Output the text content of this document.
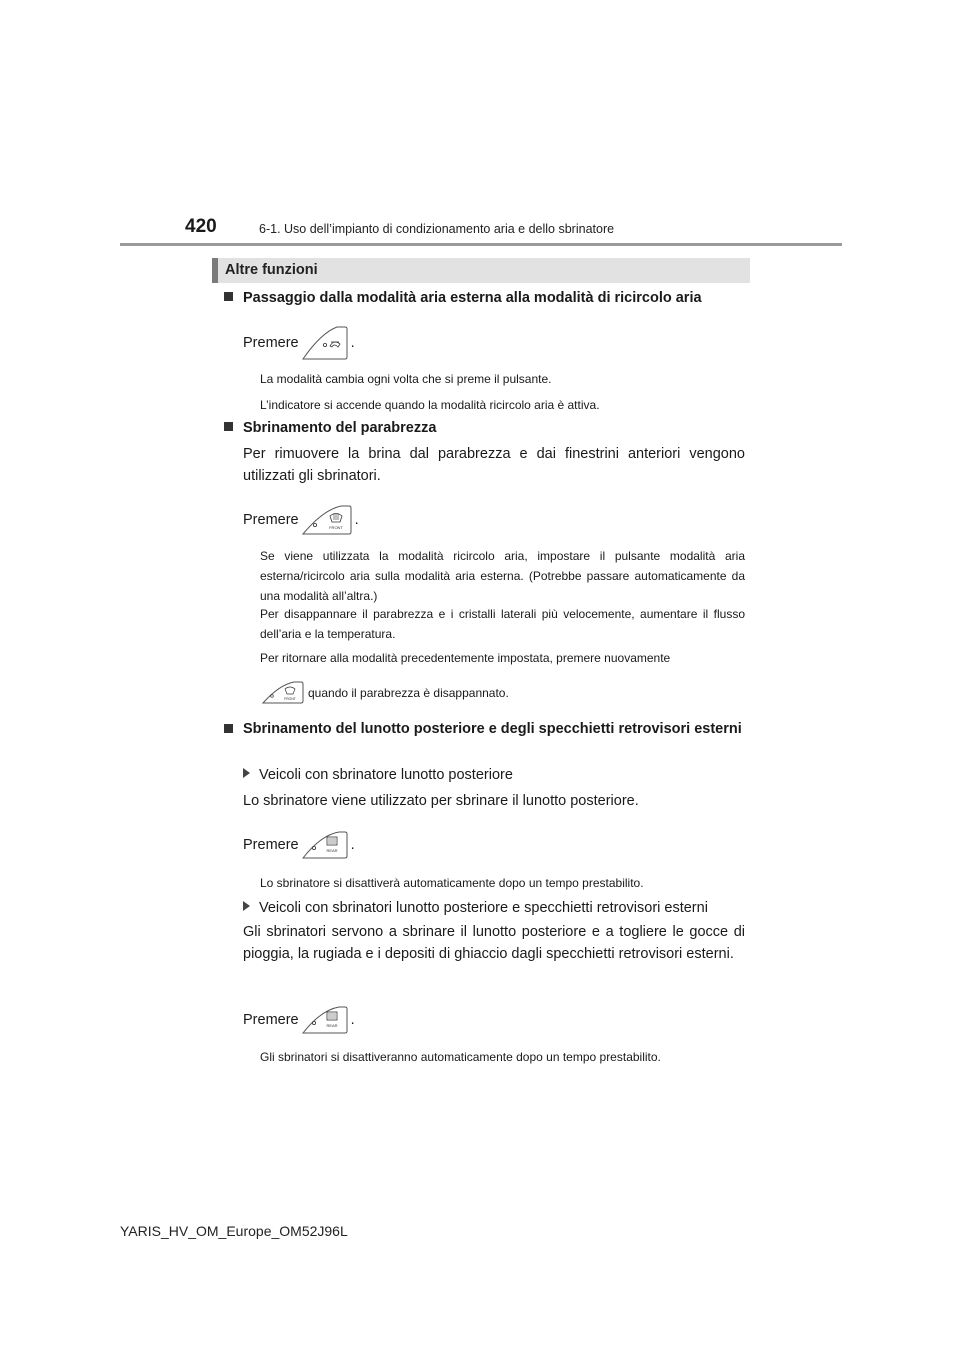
420	6-1. Uso dell’impianto di condizionamento aria e dello sbrinatore
Altre funzioni
Passaggio dalla modalità aria esterna alla modalità di ricircolo aria
Premere	.
La modalità cambia ogni volta che si preme il pulsante.
L’indicatore si accende quando la modalità ricircolo aria è attiva.
Sbrinamento del parabrezza
Per rimuovere la brina dal parabrezza e dai finestrini anteriori vengono utilizzati gli sbrinatori.
Premere	FRONT .
Se viene utilizzata la modalità ricircolo aria, impostare il pulsante modalità aria esterna/ricircolo aria sulla modalità aria esterna. (Potrebbe passare automaticamente da una modalità all’altra.)
Per disappannare il parabrezza e i cristalli laterali più velocemente, aumentare il flusso dell’aria e la temperatura.
Per ritornare alla modalità precedentemente impostata, premere nuovamente
FRONT quando il parabrezza è disappannato.
Sbrinamento del lunotto posteriore e degli specchietti retrovisori esterni
Veicoli con sbrinatore lunotto posteriore
Lo sbrinatore viene utilizzato per sbrinare il lunotto posteriore.
Premere	REAR .
Lo sbrinatore si disattiverà automaticamente dopo un tempo prestabilito.
Veicoli con sbrinatori lunotto posteriore e specchietti retrovisori esterni
Gli sbrinatori servono a sbrinare il lunotto posteriore e a togliere le gocce di pioggia, la rugiada e i depositi di ghiaccio dagli specchietti retrovisori esterni.
Premere	REAR .
Gli sbrinatori si disattiveranno automaticamente dopo un tempo prestabilito.
YARIS_HV_OM_Europe_OM52J96L
